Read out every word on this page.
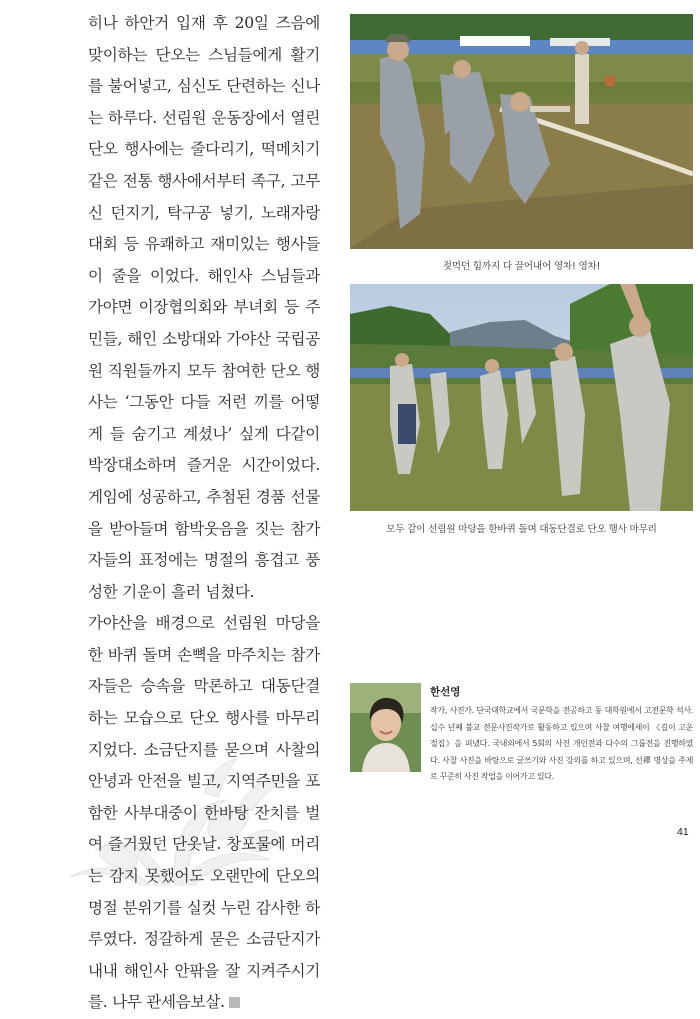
히나 하안거 입재 후 20일 즈음에 맞이하는 단오는 스님들에게 활기를 불어넣고, 심신도 단련하는 신나는 하루다. 선림원 운동장에서 열린 단오 행사에는 줄다리기, 떡메치기 같은 전통 행사에서부터 족구, 고무신 던지기, 탁구공 넣기, 노래자랑 대회 등 유쾌하고 재미있는 행사들이 줄을 이었다. 해인사 스님들과 가야면 이장협의회와 부녀회 등 주민들, 해인 소방대와 가야산 국립공원 직원들까지 모두 참여한 단오 행사는 ‘그동안 다들 저런 끼를 어떻게 들 숨기고 계셨나’ 싶게 다같이 박장대소하며 즐거운 시간이었다. 게임에 성공하고, 추첨된 경품 선물을 받아들며 함박웃음을 짓는 참가자들의 표정에는 명절의 흥겹고 풍성한 기운이 흘러 넘쳤다.

가야산을 배경으로 선림원 마당을 한 바퀴 돌며 손뼉을 마주치는 참가자들은 승속을 막론하고 대동단결하는 모습으로 단오 행사를 마무리지었다. 소금단지를 묻으며 사찰의 안녕과 안전을 빌고, 지역주민을 포함한 사부대중이 한바탕 잔치를 벌여 즐거웠던 단옷날. 창포물에 머리는 감지 못했어도 오랜만에 단오의 명절 분위기를 실컷 누린 감사한 하루였다. 정갈하게 묻은 소금단지가 내내 해인사 안팎을 잘 지켜주시기를. 나무 관세음보살.

젖먹던 힘까지 다 끌어내어 영차! 영차!
모두 같이 선림원 마당을 한바퀴 돌며 대동단결로 단오 행사 마무리
한선영
작가, 사진가. 단국대학교에서 국문학을 전공하고 동 대학원에서 고전문학 석사. 십수 년째 불교 전문사진작가로 활동하고 있으며 사찰 여행에세이 《길이 고운 절집》을 펴냈다. 국내외에서 5회의 사진 개인전과 다수의 그룹전을 진행하였다. 사찰 사진을 바탕으로 글쓰기와 사진 강의를 하고 있으며, 선禪 명상을 주제로 꾸준히 사진 작업을 이어가고 있다.
41
